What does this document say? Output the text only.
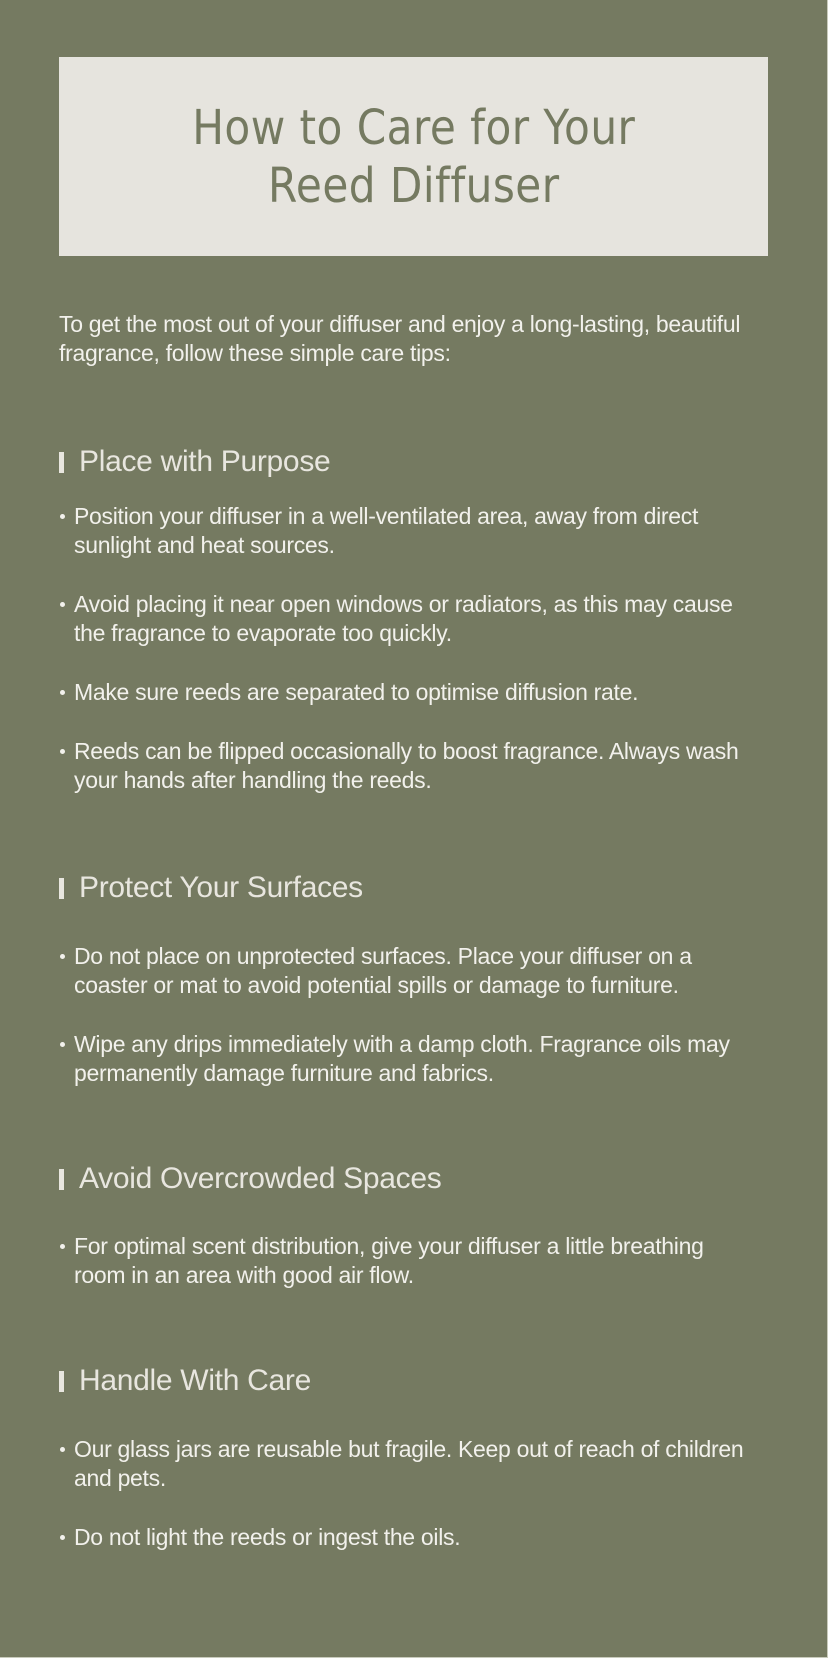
How to Care for Your
Reed Diffuser

To get the most out of your diffuser and enjoy a long-lasting, beautiful fragrance, follow these simple care tips:

Place with Purpose
Position your diffuser in a well-ventilated area, away from direct sunlight and heat sources.
Avoid placing it near open windows or radiators, as this may cause the fragrance to evaporate too quickly.
Make sure reeds are separated to optimise diffusion rate.
Reeds can be flipped occasionally to boost fragrance. Always wash your hands after handling the reeds.
Protect Your Surfaces
Do not place on unprotected surfaces. Place your diffuser on a coaster or mat to avoid potential spills or damage to furniture.
Wipe any drips immediately with a damp cloth. Fragrance oils may permanently damage furniture and fabrics.
Avoid Overcrowded Spaces
For optimal scent distribution, give your diffuser a little breathing room in an area with good air flow.
Handle With Care
Our glass jars are reusable but fragile. Keep out of reach of children and pets.
Do not light the reeds or ingest the oils.
